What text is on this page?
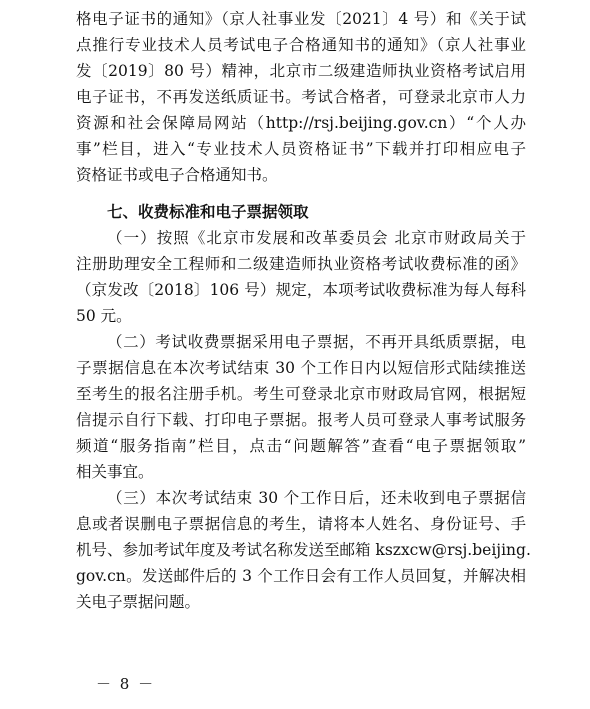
格电子证书的通知》（京人社事业发〔2021〕4 号）和《关于试
点推行专业技术人员考试电子合格通知书的通知》（京人社事业
发〔2019〕80 号）精神，北京市二级建造师执业资格考试启用
电子证书，不再发送纸质证书。考试合格者，可登录北京市人力
资源和社会保障局网站（http://rsj.beijing.gov.cn）“个人办
事”栏目，进入“专业技术人员资格证书”下载并打印相应电子
资格证书或电子合格通知书。
七、收费标准和电子票据领取
（一）按照《北京市发展和改革委员会 北京市财政局关于
注册助理安全工程师和二级建造师执业资格考试收费标准的函》
（京发改〔2018〕106 号）规定，本项考试收费标准为每人每科
50 元。
（二）考试收费票据采用电子票据，不再开具纸质票据，电
子票据信息在本次考试结束 30 个工作日内以短信形式陆续推送
至考生的报名注册手机。考生可登录北京市财政局官网，根据短
信提示自行下载、打印电子票据。报考人员可登录人事考试服务
频道“服务指南”栏目，点击“问题解答”查看“电子票据领取”
相关事宜。
（三）本次考试结束 30 个工作日后，还未收到电子票据信
息或者误删电子票据信息的考生，请将本人姓名、身份证号、手
机号、参加考试年度及考试名称发送至邮箱 kszxcw@rsj.beijing.
gov.cn。发送邮件后的 3 个工作日会有工作人员回复，并解决相
关电子票据问题。
－ 8 －
